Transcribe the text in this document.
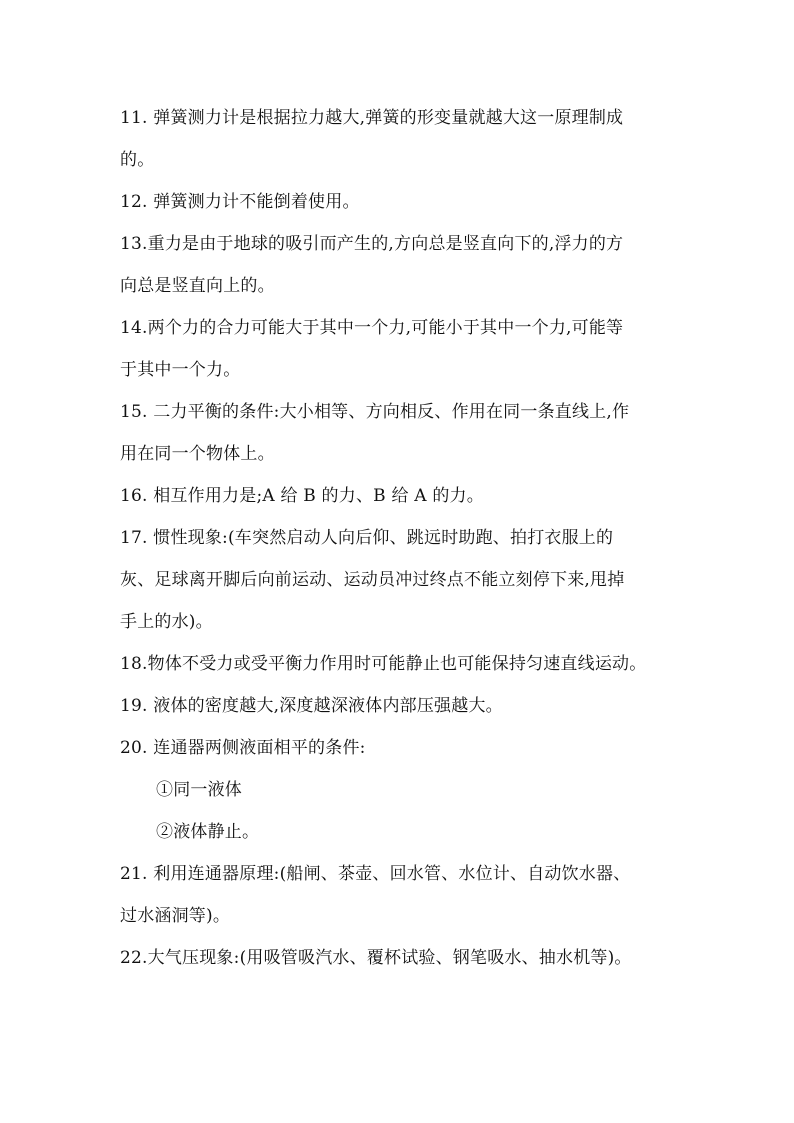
11. 弹簧测力计是根据拉力越大,弹簧的形变量就越大这一原理制成
的。
12. 弹簧测力计不能倒着使用。
13.重力是由于地球的吸引而产生的,方向总是竖直向下的,浮力的方
向总是竖直向上的。
14.两个力的合力可能大于其中一个力,可能小于其中一个力,可能等
于其中一个力。
15. 二力平衡的条件:大小相等、方向相反、作用在同一条直线上,作
用在同一个物体上。
16. 相互作用力是;A 给 B 的力、B 给 A 的力。
17. 惯性现象:(车突然启动人向后仰、跳远时助跑、拍打衣服上的
灰、足球离开脚后向前运动、运动员冲过终点不能立刻停下来,甩掉
手上的水)。
18.物体不受力或受平衡力作用时可能静止也可能保持匀速直线运动。
19. 液体的密度越大,深度越深液体内部压强越大。
20. 连通器两侧液面相平的条件:
①同一液体
②液体静止。
21. 利用连通器原理:(船闸、茶壶、回水管、水位计、自动饮水器、
过水涵洞等)。
22.大气压现象:(用吸管吸汽水、覆杯试验、钢笔吸水、抽水机等)。
